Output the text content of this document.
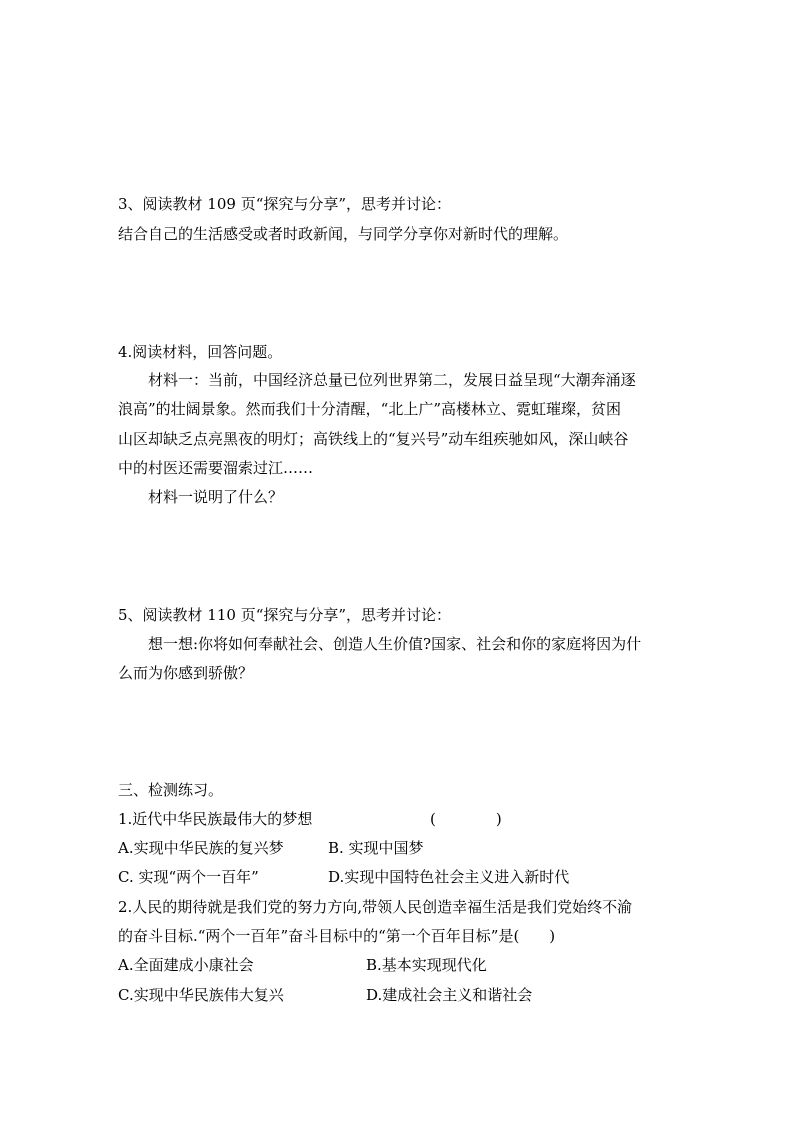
3、阅读教材 109 页“探究与分享”，思考并讨论：
结合自己的生活感受或者时政新闻，与同学分享你对新时代的理解。
4.阅读材料，回答问题。
材料一：当前，中国经济总量已位列世界第二，发展日益呈现“大潮奔涌逐
浪高”的壮阔景象。然而我们十分清醒，“北上广”高楼林立、霓虹璀璨，贫困
山区却缺乏点亮黑夜的明灯；高铁线上的“复兴号”动车组疾驰如风，深山峡谷
中的村医还需要溜索过江……
材料一说明了什么？
5、阅读教材 110 页“探究与分享”，思考并讨论：
想一想:你将如何奉献社会、创造人生价值?国家、社会和你的家庭将因为什
么而为你感到骄傲？
三、检测练习。
1.近代中华民族最伟大的梦想	(　　　　)
A.实现中华民族的复兴梦	B. 实现中国梦
C. 实现“两个一百年”	D.实现中国特色社会主义进入新时代
2.人民的期待就是我们党的努力方向,带领人民创造幸福生活是我们党始终不渝
的奋斗目标.“两个一百年”奋斗目标中的“第一个百年目标”是(　　)
A.全面建成小康社会	B.基本实现现代化
C.实现中华民族伟大复兴	D.建成社会主义和谐社会
